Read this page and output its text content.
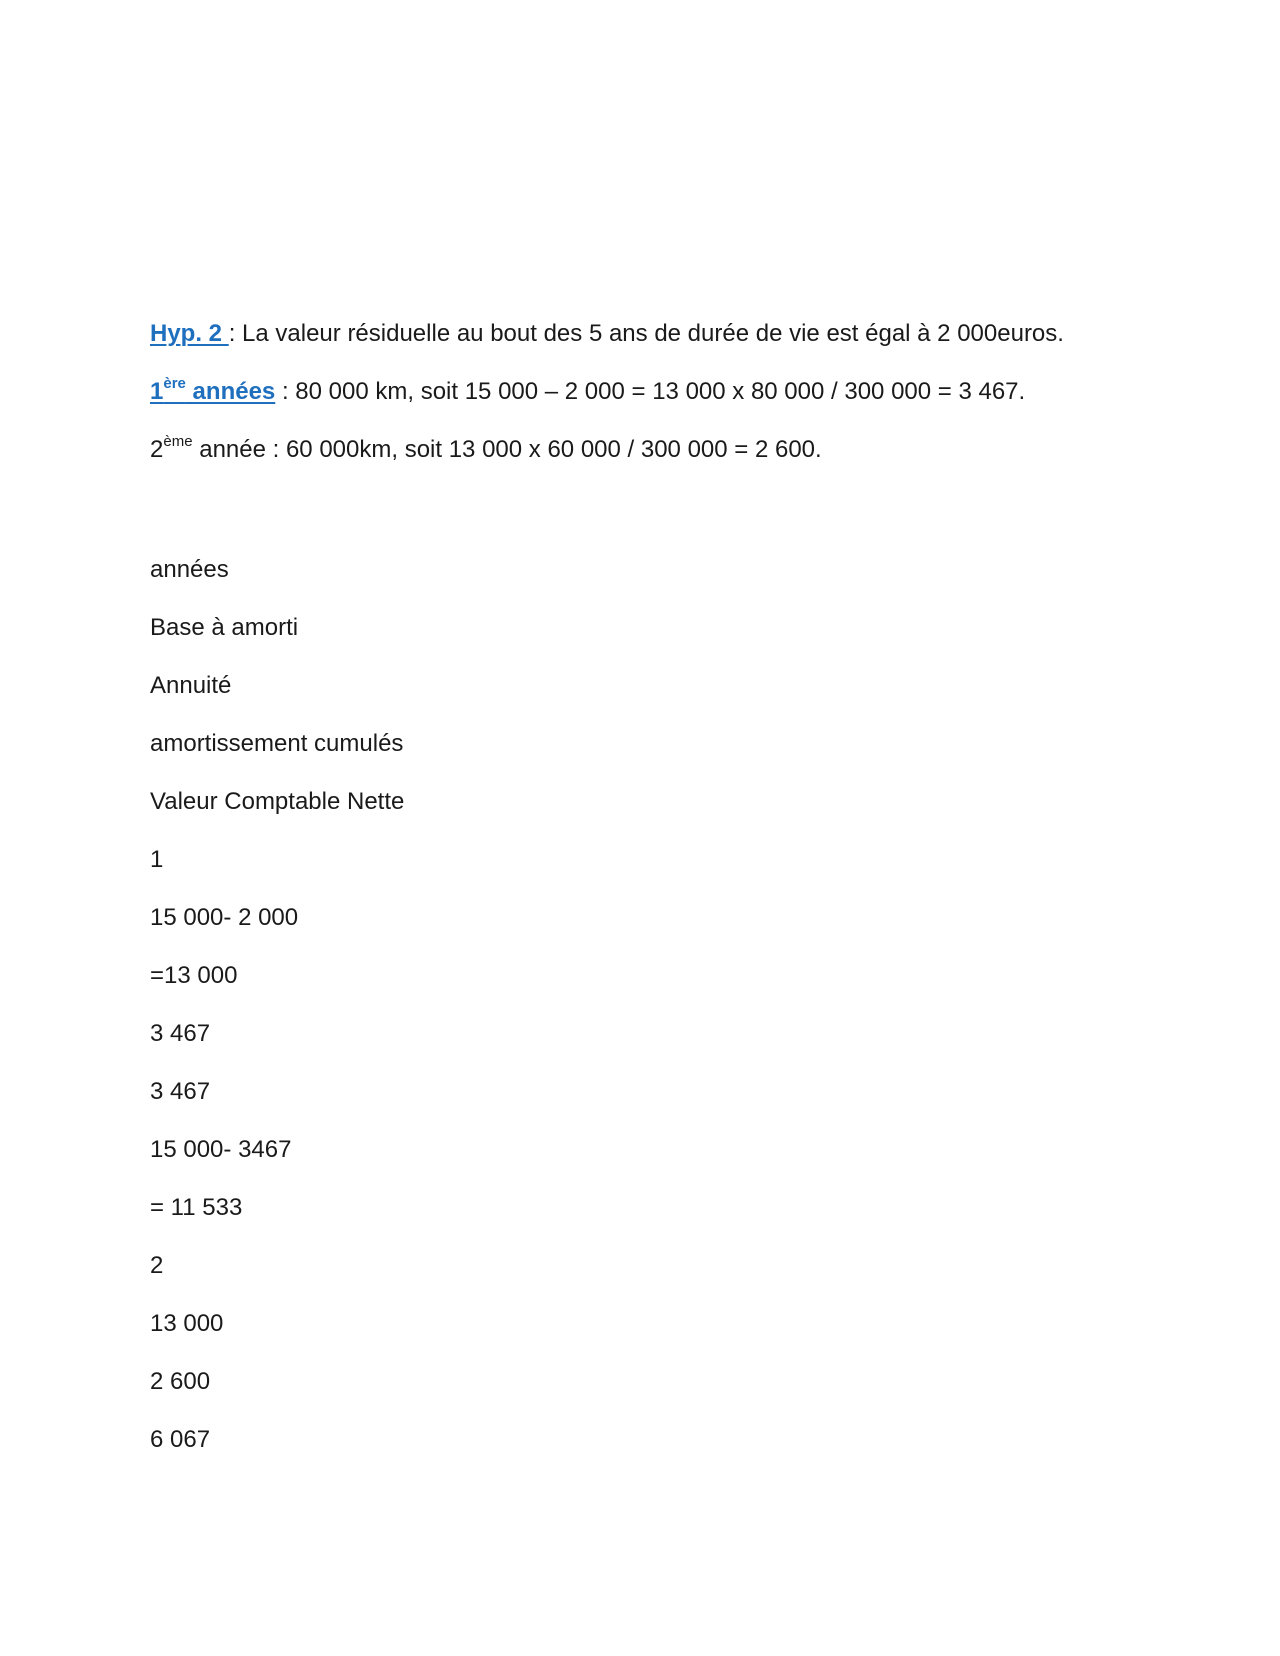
Hyp. 2 : La valeur résiduelle au bout des 5 ans de durée de vie est égal à 2 000euros.

1ère années : 80 000 km, soit 15 000 – 2 000 = 13 000 x 80 000 / 300 000 = 3 467.

2ème année : 60 000km, soit 13 000 x 60 000 / 300 000 = 2 600.

années

Base à amorti

Annuité

amortissement cumulés

Valeur Comptable Nette

1

15 000- 2 000

=13 000

3 467

3 467

15 000- 3467

= 11 533

2

13 000

2 600

6 067
